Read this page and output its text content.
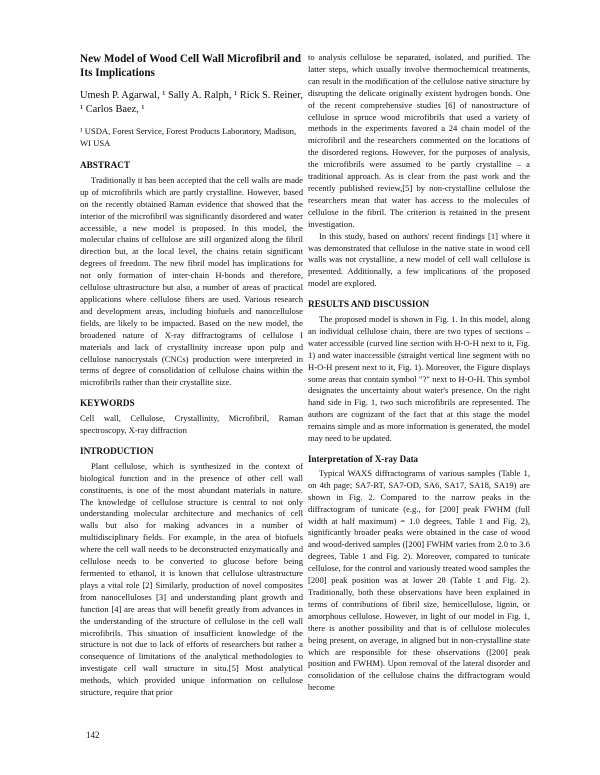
New Model of Wood Cell Wall Microfibril and Its Implications

Umesh P. Agarwal, ¹ Sally A. Ralph, ¹ Rick S. Reiner, ¹ Carlos Baez, ¹

¹ USDA, Forest Service, Forest Products Laboratory, Madison, WI USA

ABSTRACT

Traditionally it has been accepted that the cell walls are made up of microfibrils which are partly crystalline. However, based on the recently obtained Raman evidence that showed that the interior of the microfibril was significantly disordered and water accessible, a new model is proposed. In this model, the molecular chains of cellulose are still organized along the fibril direction but, at the local level, the chains retain significant degrees of freedom. The new fibril model has implications for not only formation of inter-chain H-bonds and therefore, cellulose ultrastructure but also, a number of areas of practical applications where cellulose fibers are used. Various research and development areas, including biofuels and nanocellulose fields, are likely to be impacted. Based on the new model, the broadened nature of X-ray diffractograms of cellulose I materials and lack of crystallinity increase upon pulp and cellulose nanocrystals (CNCs) production were interpreted in terms of degree of consolidation of cellulose chains within the microfibrils rather than their crystallite size.

KEYWORDS

Cell wall, Cellulose, Crystallinity, Microfibril, Raman spectroscopy, X-ray diffraction

INTRODUCTION

Plant cellulose, which is synthesized in the context of biological function and in the presence of other cell wall constituents, is one of the most abundant materials in nature. The knowledge of cellulose structure is central to not only understanding molecular architecture and mechanics of cell walls but also for making advances in a number of multidisciplinary fields. For example, in the area of biofuels where the cell wall needs to be deconstructed enzymatically and cellulose needs to be converted to glucose before being fermented to ethanol, it is known that cellulose ultrastructure plays a vital role [2] Similarly, production of novel composites from nanocelluloses [3] and understanding plant growth and function [4] are areas that will benefit greatly from advances in the understanding of the structure of cellulose in the cell wall microfibrils. This situation of insufficient knowledge of the structure is not due to lack of efforts of researchers but rather a consequence of limitations of the analytical methodologies to investigate cell wall structure in situ.[5] Most analytical methods, which provided unique information on cellulose structure, require that prior

to analysis cellulose be separated, isolated, and purified. The latter steps, which usually involve thermochemical treatments, can result in the modification of the cellulose native structure by disrupting the delicate originally existent hydrogen bonds. One of the recent comprehensive studies [6] of nanostructure of cellulose in spruce wood microfibrils that used a variety of methods in the experiments favored a 24 chain model of the microfibril and the researchers commented on the locations of the disordered regions. However, for the purposes of analysis, the microfibrils were assumed to be partly crystalline – a traditional approach. As is clear from the past work and the recently published review,[5] by non-crystalline cellulose the researchers mean that water has access to the molecules of cellulose in the fibril. The criterion is retained in the present investigation.

In this study, based on authors' recent findings [1] where it was demonstrated that cellulose in the native state in wood cell walls was not crystalline, a new model of cell wall cellulose is presented. Additionally, a few implications of the proposed model are explored.

RESULTS AND DISCUSSION

The proposed model is shown in Fig. 1. In this model, along an individual cellulose chain, there are two types of sections – water accessible (curved line section with H-O-H next to it, Fig. 1) and water inaccessible (straight vertical line segment with no H-O-H present next to it, Fig. 1). Moreover, the Figure displays some areas that contain symbol "?" next to H-O-H. This symbol designates the uncertainty about water's presence. On the right hand side in Fig. 1, two such microfibrils are represented. The authors are cognizant of the fact that at this stage the model remains simple and as more information is generated, the model may need to be updated.

Interpretation of X-ray Data

Typical WAXS diffractograms of various samples (Table 1, on 4th page; SA7-RT, SA7-OD, SA6, SA17, SA18, SA19) are shown in Fig. 2. Compared to the narrow peaks in the diffractogram of tunicate (e.g., for [200] peak FWHM (full width at half maximum) = 1.0 degrees, Table 1 and Fig. 2), significantly broader peaks were obtained in the case of wood and wood-derived samples ([200] FWHM varies from 2.0 to 3.6 degrees, Table 1 and Fig. 2). Moreover, compared to tunicate cellulose, for the control and variously treated wood samples the [200] peak position was at lower 2θ (Table 1 and Fig. 2). Traditionally, both these observations have been explained in terms of contributions of fibril size, hemicellulose, lignin, or amorphous cellulose. However, in light of our model in Fig. 1, there is another possibility and that is of cellulose molecules being present, on average, in aligned but in non-crystalline state which are responsible for these observations ([200] peak position and FWHM). Upon removal of the lateral disorder and consolidation of the cellulose chains the diffractogram would become

142
